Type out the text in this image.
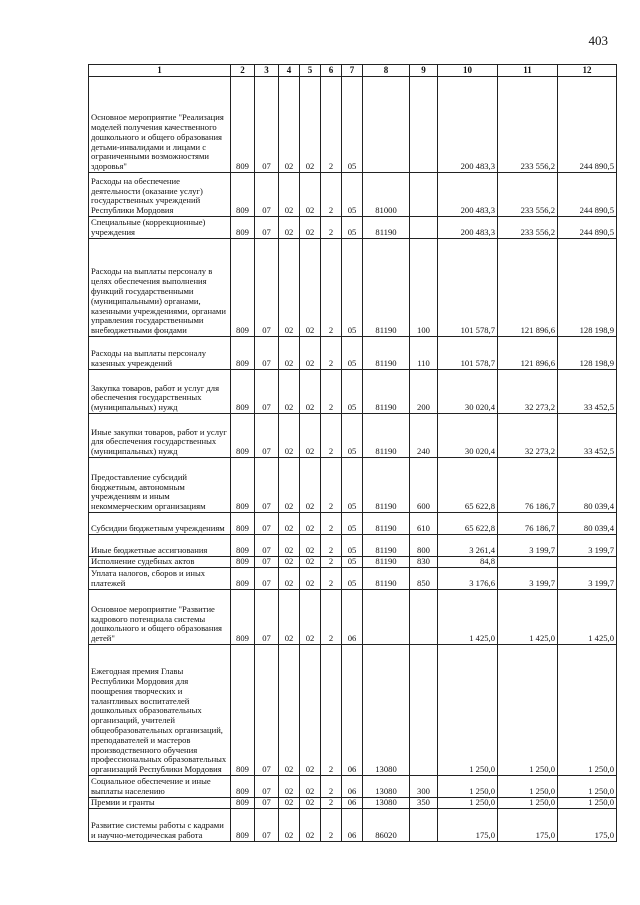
403
1	2	3	4	5	6	7	8	9	10	11	12
Основное мероприятие "Реализация моделей получения качественного дошкольного и общего образования детьми-инвалидами и лицами с ограниченными возможностями здоровья"	809	07	02	02	2	05			200 483,3	233 556,2	244 890,5
Расходы на обеспечение деятельности (оказание услуг) государственных учреждений Республики Мордовия	809	07	02	02	2	05	81000		200 483,3	233 556,2	244 890,5
Специальные (коррекционные) учреждения	809	07	02	02	2	05	81190		200 483,3	233 556,2	244 890,5
Расходы на выплаты персоналу в целях обеспечения выполнения функций государственными (муниципальными) органами, казенными учреждениями, органами управления государственными внебюджетными фондами	809	07	02	02	2	05	81190	100	101 578,7	121 896,6	128 198,9
Расходы на выплаты персоналу казенных учреждений	809	07	02	02	2	05	81190	110	101 578,7	121 896,6	128 198,9
Закупка товаров, работ и услуг для обеспечения государственных (муниципальных) нужд	809	07	02	02	2	05	81190	200	30 020,4	32 273,2	33 452,5
Иные закупки товаров, работ и услуг для обеспечения государственных (муниципальных) нужд	809	07	02	02	2	05	81190	240	30 020,4	32 273,2	33 452,5
Предоставление субсидий бюджетным, автономным учреждениям и иным некоммерческим организациям	809	07	02	02	2	05	81190	600	65 622,8	76 186,7	80 039,4
Субсидии бюджетным учреждениям	809	07	02	02	2	05	81190	610	65 622,8	76 186,7	80 039,4
Иные бюджетные ассигнования	809	07	02	02	2	05	81190	800	3 261,4	3 199,7	3 199,7
Исполнение судебных актов	809	07	02	02	2	05	81190	830	84,8		
Уплата налогов, сборов и иных платежей	809	07	02	02	2	05	81190	850	3 176,6	3 199,7	3 199,7
Основное мероприятие "Развитие кадрового потенциала системы дошкольного и общего образования детей"	809	07	02	02	2	06			1 425,0	1 425,0	1 425,0
Ежегодная премия Главы Республики Мордовия для поощрения творческих и талантливых воспитателей дошкольных образовательных организаций, учителей общеобразовательных организаций, преподавателей и мастеров производственного обучения профессиональных образовательных организаций Республики Мордовия	809	07	02	02	2	06	13080		1 250,0	1 250,0	1 250,0
Социальное обеспечение и иные выплаты населению	809	07	02	02	2	06	13080	300	1 250,0	1 250,0	1 250,0
Премии и гранты	809	07	02	02	2	06	13080	350	1 250,0	1 250,0	1 250,0
Развитие системы работы с кадрами и научно-методическая работа	809	07	02	02	2	06	86020		175,0	175,0	175,0
